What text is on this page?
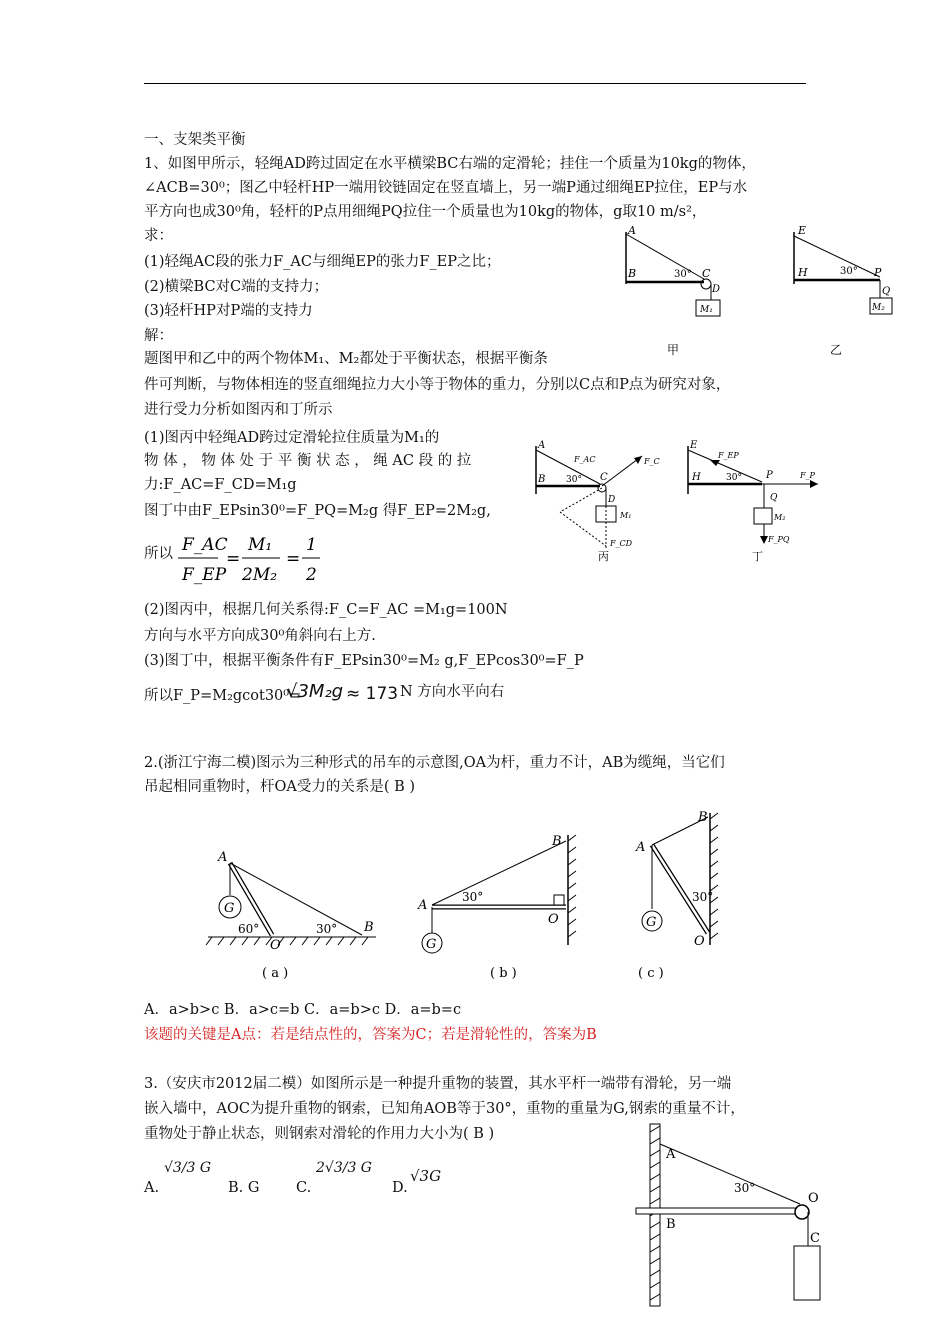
一、支架类平衡
1、如图甲所示，轻绳AD跨过固定在水平横梁BC右端的定滑轮；挂住一个质量为10kg的物体，
∠ACB=30⁰；图乙中轻杆HP一端用铰链固定在竖直墙上，另一端P通过细绳EP拉住，EP与水
平方向也成30⁰角，轻杆的P点用细绳PQ拉住一个质量也为10kg的物体，g取10 m/s²，
求：
(1)轻绳AC段的张力F_AC与细绳EP的张力F_EP之比；
(2)横梁BC对C端的支持力；
(3)轻杆HP对P端的支持力
解：
题图甲和乙中的两个物体M₁、M₂都处于平衡状态，根据平衡条
件可判断，与物体相连的竖直细绳拉力大小等于物体的重力，分别以C点和P点为研究对象，
进行受力分析如图丙和丁所示
(1)图丙中轻绳AD跨过定滑轮拉住质量为M₁的
物 体 ， 物 体 处 于 平 衡 状 态 ， 绳 AC 段 的 拉
力:F_AC=F_CD=M₁g
图丁中由F_EPsin30⁰=F_PQ=M₂g 得F_EP=2M₂g,
所以 F_AC
F_EP
=
M₁
2M₂
=
1
2
(2)图丙中，根据几何关系得:F_C=F_AC =M₁g=100N
方向与水平方向成30⁰角斜向右上方.
(3)图丁中，根据平衡条件有F_EPsin30⁰=M₂ g,F_EPcos30⁰=F_P
所以F_P=M₂gcot30⁰=
√3M₂g ≈ 173 N 方向水平向右
A
B	C
D
30°
M₁
甲
E
H	P
Q
30°
M₂
乙
A
B	C
D
30°
F_AC	F_C
M₁
F_CD
丙
E
H	P
Q
30°
F_EP
F_P
M₂
F_PQ
丁
2.(浙江宁海二模)图示为三种形式的吊车的示意图,OA为杆，重力不计，AB为缆绳，当它们
吊起相同重物时，杆OA受力的关系是( B )
G
A
O
B
60°	30°
( a )
G
A
O
B
30°
( b )
G
A
O
B
30°
( c )
A．a>b>c B．a>c=b C．a=b>c D．a=b=c
该题的关键是A点：若是结点性的，答案为C；若是滑轮性的，答案为B
3.（安庆市2012届二模）如图所示是一种提升重物的装置，其水平杆一端带有滑轮，另一端
嵌入墙中，AOC为提升重物的钢索，已知角AOB等于30°，重物的重量为G,钢索的重量不计，
重物处于静止状态，则钢索对滑轮的作用力大小为( B )
A.
√3/3 G
B. G	C.
2√3/3 G
D.
√3G
A
B
O
C
30°
